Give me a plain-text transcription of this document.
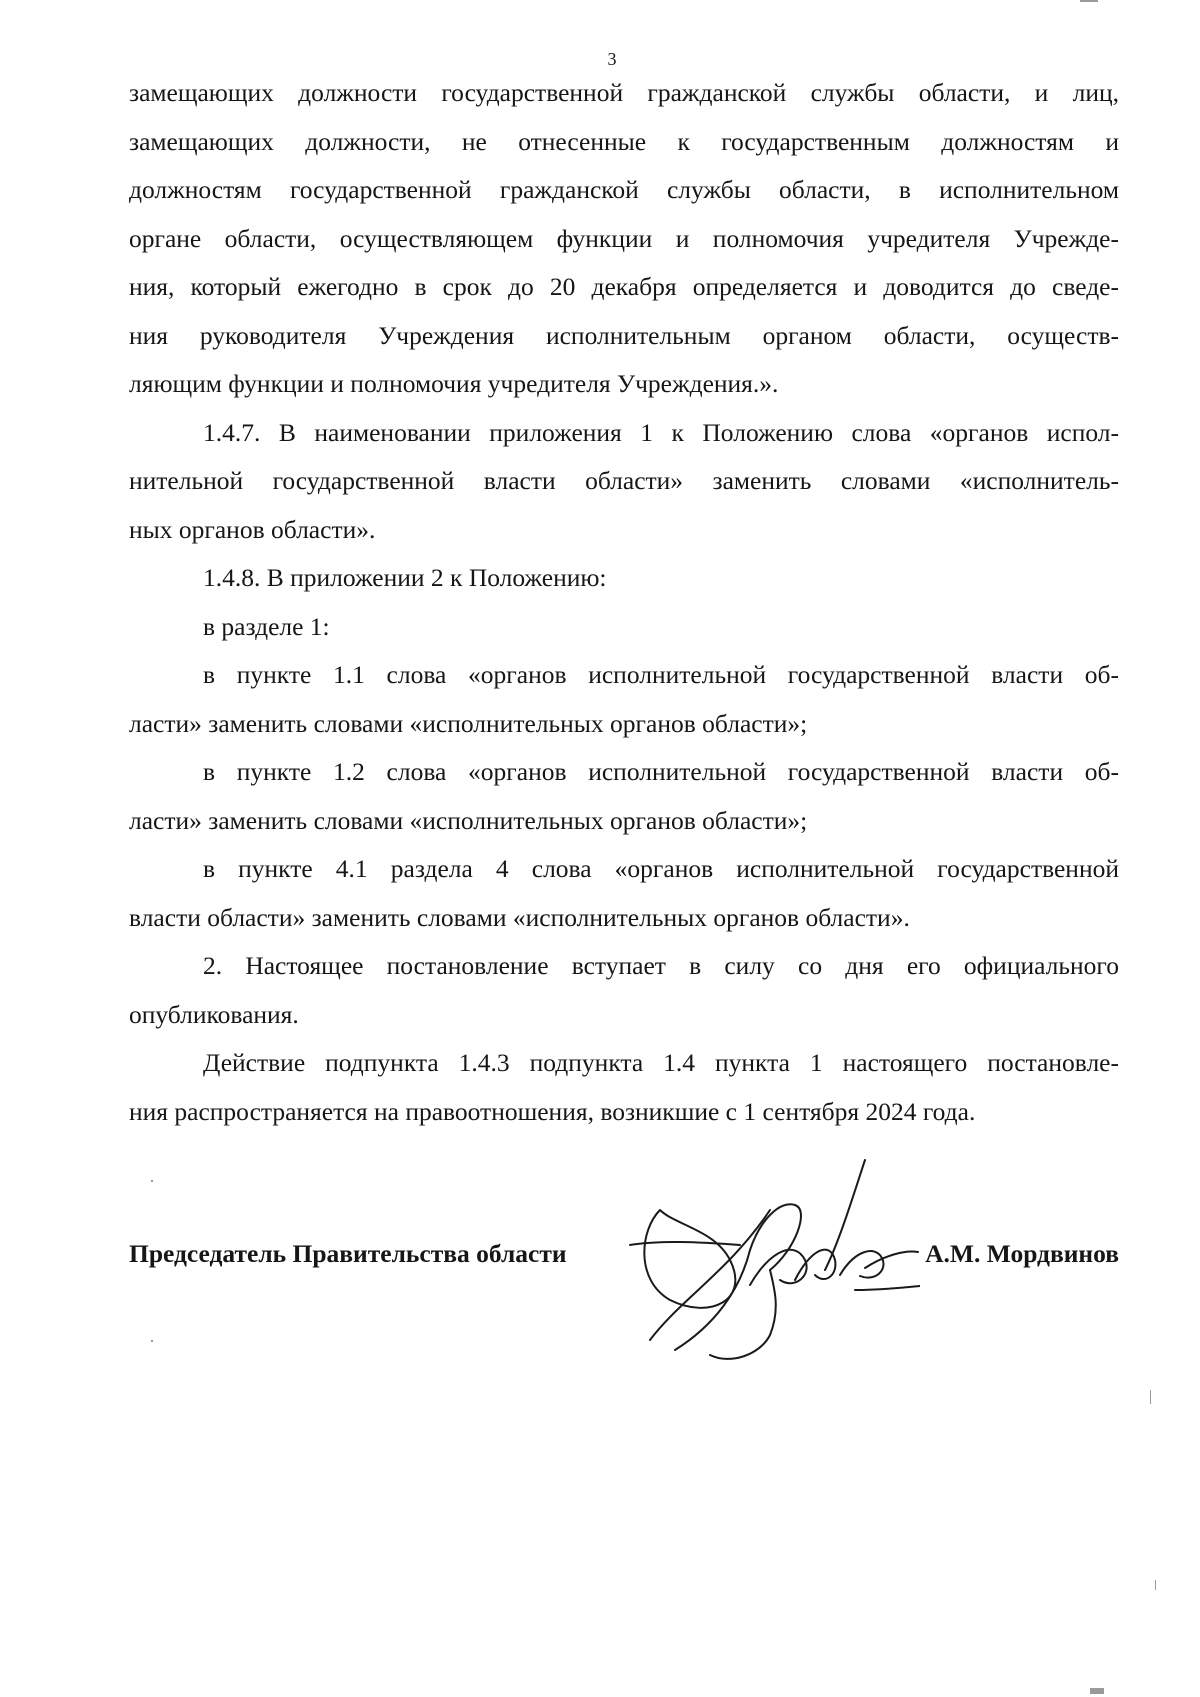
3
замещающих должности государственной гражданской службы области, и лиц,
замещающих должности, не отнесенные к государственным должностям и
должностям государственной гражданской службы области, в исполнительном
органе области, осуществляющем функции и полномочия учредителя Учрежде-
ния, который ежегодно в срок до 20 декабря определяется и доводится до сведе-
ния руководителя Учреждения исполнительным органом области, осуществ-
ляющим функции и полномочия учредителя Учреждения.».
1.4.7. В наименовании приложения 1 к Положению слова «органов испол-
нительной государственной власти области» заменить словами «исполнитель-
ных органов области».
1.4.8. В приложении 2 к Положению:
в разделе 1:
в пункте 1.1 слова «органов исполнительной государственной власти об-
ласти» заменить словами «исполнительных органов области»;
в пункте 1.2 слова «органов исполнительной государственной власти об-
ласти» заменить словами «исполнительных органов области»;
в пункте 4.1 раздела 4 слова «органов исполнительной государственной
власти области» заменить словами «исполнительных органов области».
2. Настоящее постановление вступает в силу со дня его официального
опубликования.
Действие подпункта 1.4.3 подпункта 1.4 пункта 1 настоящего постановле-
ния распространяется на правоотношения, возникшие с 1 сентября 2024 года.
Председатель Правительства области	А.М. Мордвинов
